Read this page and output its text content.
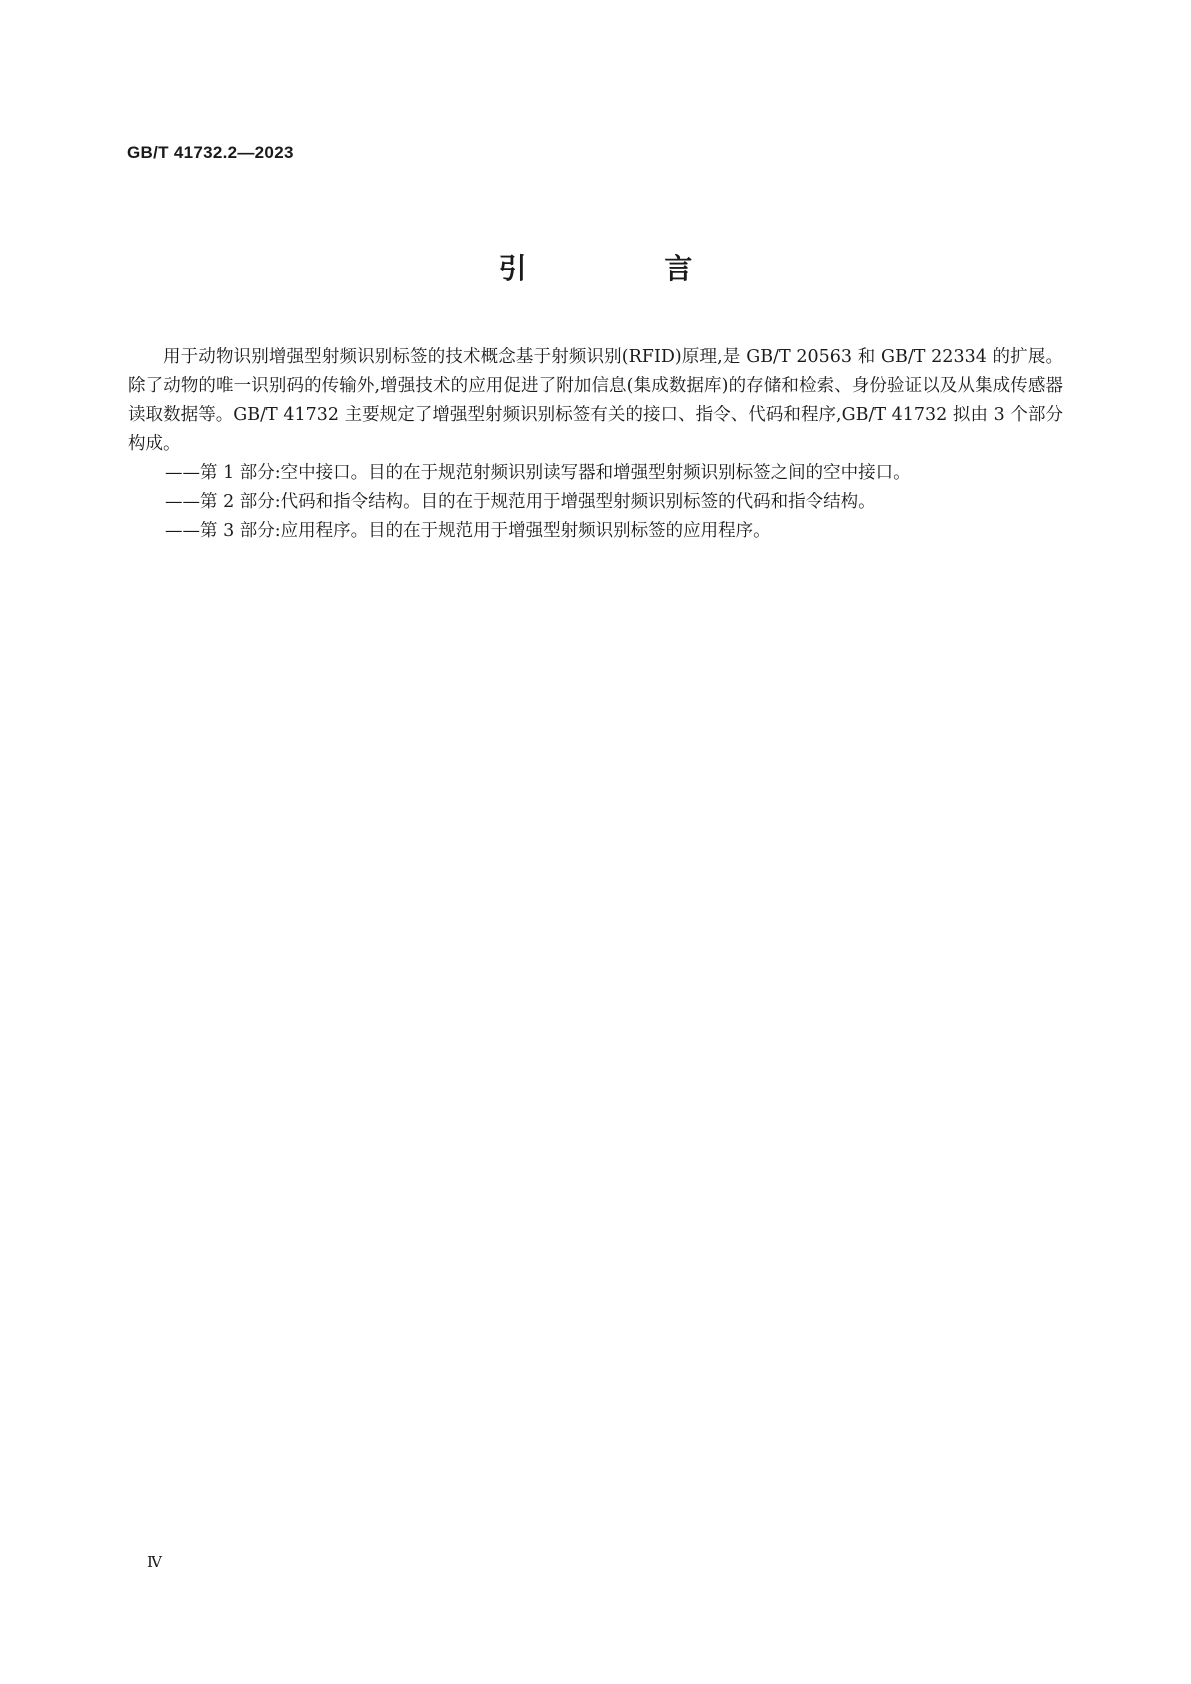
GB/T 41732.2—2023
引 言

用于动物识别增强型射频识别标签的技术概念基于射频识别(RFID)原理,是 GB/T 20563 和 GB/T 22334 的扩展。除了动物的唯一识别码的传输外,增强技术的应用促进了附加信息(集成数据库)的存储和检索、身份验证以及从集成传感器读取数据等。GB/T 41732 主要规定了增强型射频识别标签有关的接口、指令、代码和程序,GB/T 41732 拟由 3 个部分构成。

——第 1 部分:空中接口。目的在于规范射频识别读写器和增强型射频识别标签之间的空中接口。
——第 2 部分:代码和指令结构。目的在于规范用于增强型射频识别标签的代码和指令结构。
——第 3 部分:应用程序。目的在于规范用于增强型射频识别标签的应用程序。
Ⅳ
